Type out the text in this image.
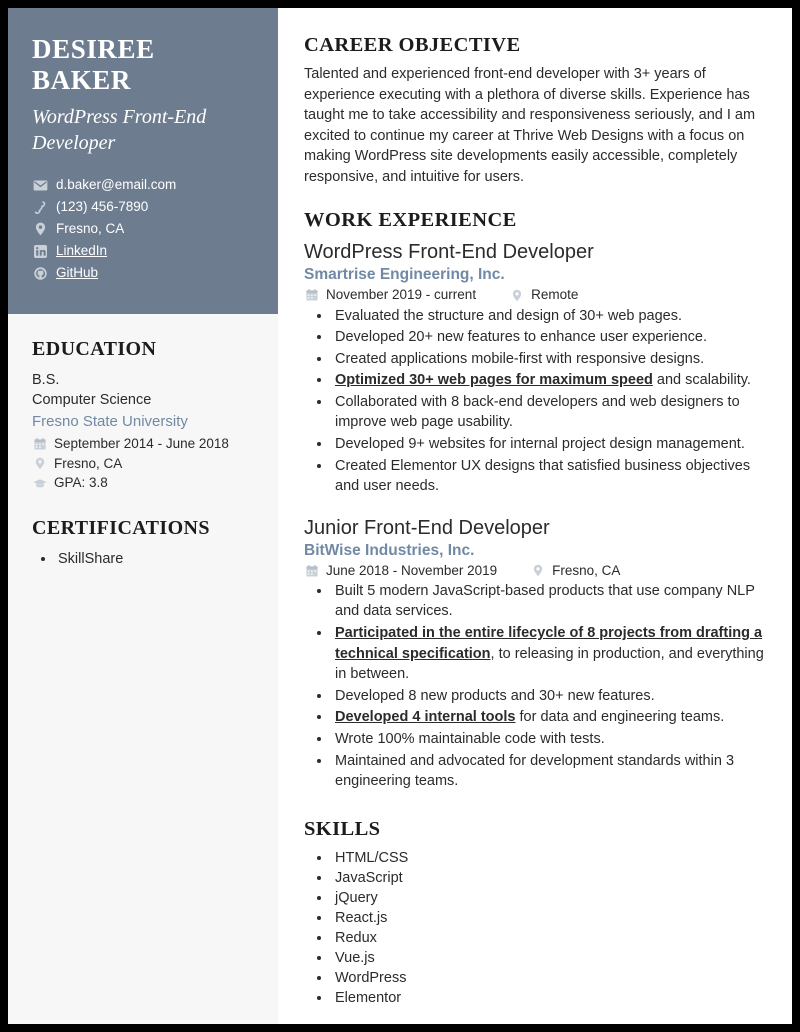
DESIREE BAKER
WordPress Front-End Developer
d.baker@email.com
(123) 456-7890
Fresno, CA
LinkedIn
GitHub
EDUCATION
B.S.
Computer Science
Fresno State University
September 2014 - June 2018
Fresno, CA
GPA: 3.8
CERTIFICATIONS
• SkillShare
CAREER OBJECTIVE

Talented and experienced front-end developer with 3+ years of experience executing with a plethora of diverse skills. Experience has taught me to take accessibility and responsiveness seriously, and I am excited to continue my career at Thrive Web Designs with a focus on making WordPress site developments easily accessible, completely responsive, and intuitive for users.

WORK EXPERIENCE
WordPress Front-End Developer
Smartrise Engineering, Inc.
November 2019 - current	Remote
• Evaluated the structure and design of 30+ web pages.
• Developed 20+ new features to enhance user experience.
• Created applications mobile-first with responsive designs.
• Optimized 30+ web pages for maximum speed and scalability.
• Collaborated with 8 back-end developers and web designers to improve web page usability.
• Developed 9+ websites for internal project design management.
• Created Elementor UX designs that satisfied business objectives and user needs.
Junior Front-End Developer
BitWise Industries, Inc.
June 2018 - November 2019	Fresno, CA
• Built 5 modern JavaScript-based products that use company NLP and data services.
• Participated in the entire lifecycle of 8 projects from drafting a technical specification, to releasing in production, and everything in between.
• Developed 8 new products and 30+ new features.
• Developed 4 internal tools for data and engineering teams.
• Wrote 100% maintainable code with tests.
• Maintained and advocated for development standards within 3 engineering teams.
SKILLS
• HTML/CSS
• JavaScript
• jQuery
• React.js
• Redux
• Vue.js
• WordPress
• Elementor
